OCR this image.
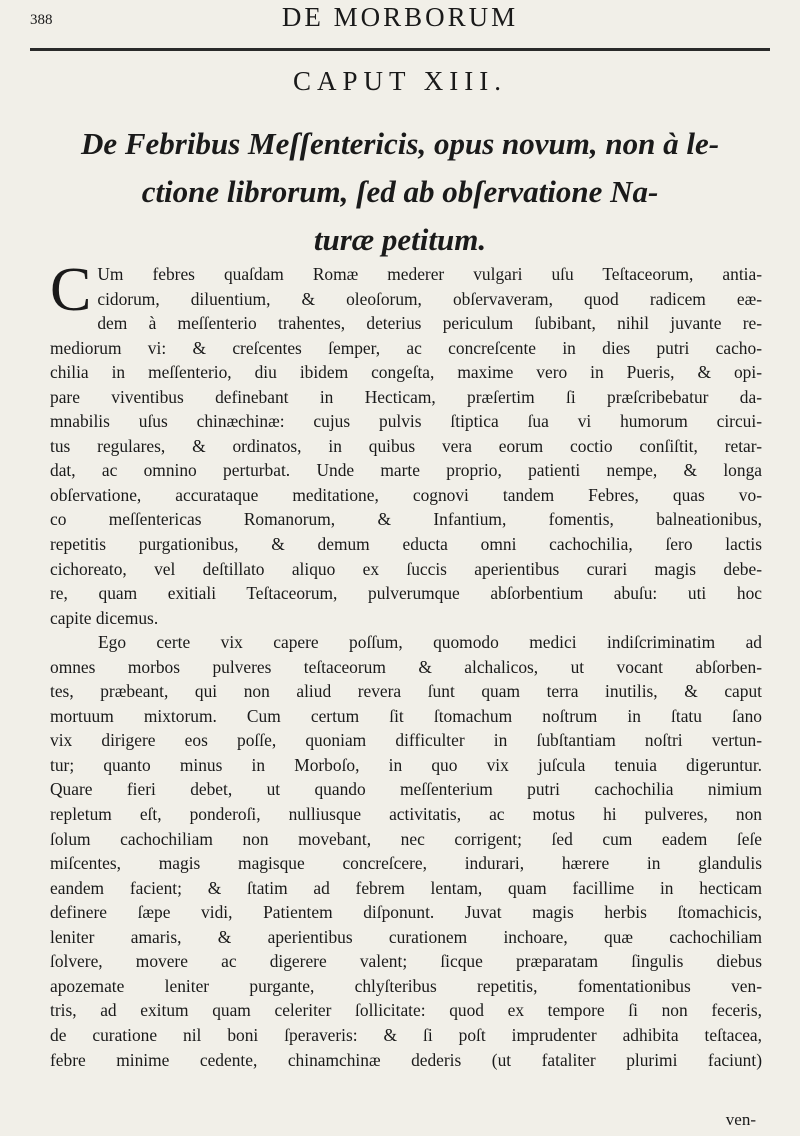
388	DE MORBORUM
CAPUT XIII.
De Febribus Meſſentericis, opus novum, non à le-
ctione librorum, ſed ab obſervatione Na-
turæ petitum.

C Um febres quaſdam Romæ mederer vulgari uſu Teſtaceorum, antia-
cidorum, diluentium, & oleoſorum, obſervaveram, quod radicem eæ-
dem à meſſenterio trahentes, deterius periculum ſubibant, nihil juvante re-
mediorum vi: & creſcentes ſemper, ac concreſcente in dies putri cacho-
chilia in meſſenterio, diu ibidem congeſta, maxime vero in Pueris, & opi-
pare viventibus definebant in Hecticam, præſertim ſi præſcribebatur da-
mnabilis uſus chinæchinæ: cujus pulvis ſtiptica ſua vi humorum circui-
tus regulares, & ordinatos, in quibus vera eorum coctio conſiſtit, retar-
dat, ac omnino perturbat. Unde marte proprio, patienti nempe, & longa
obſervatione, accurataque meditatione, cognovi tandem Febres, quas vo-
co meſſentericas Romanorum, & Infantium, fomentis, balneationibus,
repetitis purgationibus, & demum educta omni cachochilia, ſero lactis
cichoreato, vel deſtillato aliquo ex ſuccis aperientibus curari magis debe-
re, quam exitiali Teſtaceorum, pulverumque abſorbentium abuſu: uti hoc
capite dicemus.

Ego certe vix capere poſſum, quomodo medici indiſcriminatim ad
omnes morbos pulveres teſtaceorum & alchalicos, ut vocant abſorben-
tes, præbeant, qui non aliud revera ſunt quam terra inutilis, & caput
mortuum mixtorum. Cum certum ſit ſtomachum noſtrum in ſtatu ſano
vix dirigere eos poſſe, quoniam difficulter in ſubſtantiam noſtri vertun-
tur; quanto minus in Morboſo, in quo vix juſcula tenuia digeruntur.
Quare fieri debet, ut quando meſſenterium putri cachochilia nimium
repletum eſt, ponderoſi, nulliusque activitatis, ac motus hi pulveres, non
ſolum cachochiliam non movebant, nec corrigent; ſed cum eadem ſeſe
miſcentes, magis magisque concreſcere, indurari, hærere in glandulis
eandem facient; & ſtatim ad febrem lentam, quam facillime in hecticam
definere ſæpe vidi, Patientem diſponunt. Juvat magis herbis ſtomachicis,
leniter amaris, & aperientibus curationem inchoare, quæ cachochiliam
ſolvere, movere ac digerere valent; ſicque præparatam ſingulis diebus
apozemate leniter purgante, chlyſteribus repetitis, fomentationibus ven-
tris, ad exitum quam celeriter ſollicitate: quod ex tempore ſi non feceris,
de curatione nil boni ſperaveris: & ſi poſt imprudenter adhibita teſtacea,
febre minime cedente, chinamchinæ dederis (ut fataliter plurimi faciunt)

ven-
